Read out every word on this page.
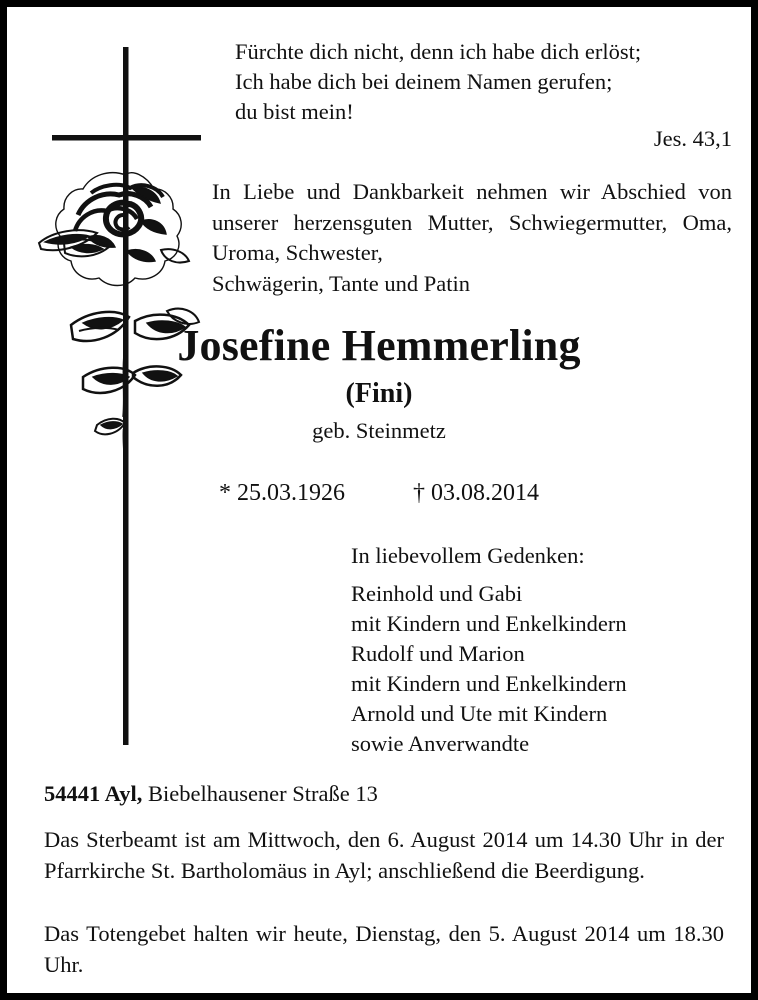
Fürchte dich nicht, denn ich habe dich erlöst;
Ich habe dich bei deinem Namen gerufen;
du bist mein!
Jes. 43,1
In Liebe und Dankbarkeit nehmen wir Abschied von unserer herzensguten Mutter, Schwiegermutter, Oma, Uroma, Schwester,
Schwägerin, Tante und Patin
Josefine Hemmerling
(Fini)
geb. Steinmetz
* 25.03.1926	† 03.08.2014
In liebevollem Gedenken:
Reinhold und Gabi
mit Kindern und Enkelkindern
Rudolf und Marion
mit Kindern und Enkelkindern
Arnold und Ute mit Kindern
sowie Anverwandte
54441 Ayl, Biebelhausener Straße 13
Das Sterbeamt ist am Mittwoch, den 6. August 2014 um 14.30 Uhr in der Pfarrkirche St. Bartholomäus in Ayl; anschließend die Beerdigung.
Das Totengebet halten wir heute, Dienstag, den 5. August 2014 um 18.30 Uhr.
